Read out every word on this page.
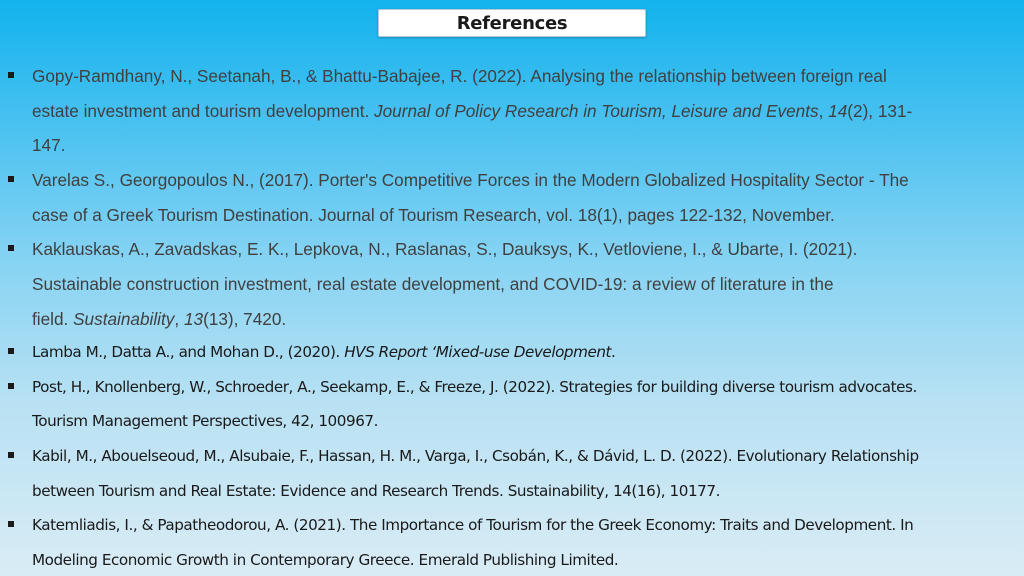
References
Gopy-Ramdhany, N., Seetanah, B., & Bhattu-Babajee, R. (2022). Analysing the relationship between foreign real
estate investment and tourism development. Journal of Policy Research in Tourism, Leisure and Events, 14(2), 131-
147.
Varelas S., Georgopoulos N., (2017). Porter's Competitive Forces in the Modern Globalized Hospitality Sector - The
case of a Greek Tourism Destination. Journal of Tourism Research, vol. 18(1), pages 122-132, November.
Kaklauskas, A., Zavadskas, E. K., Lepkova, N., Raslanas, S., Dauksys, K., Vetloviene, I., & Ubarte, I. (2021).
Sustainable construction investment, real estate development, and COVID-19: a review of literature in the
field. Sustainability, 13(13), 7420.
Lamba M., Datta A., and Mohan D., (2020). HVS Report ‘Mixed-use Development.
Post, H., Knollenberg, W., Schroeder, A., Seekamp, E., & Freeze, J. (2022). Strategies for building diverse tourism advocates.
Tourism Management Perspectives, 42, 100967.
Kabil, M., Abouelseoud, M., Alsubaie, F., Hassan, H. M., Varga, I., Csobán, K., & Dávid, L. D. (2022). Evolutionary Relationship
between Tourism and Real Estate: Evidence and Research Trends. Sustainability, 14(16), 10177.
Katemliadis, I., & Papatheodorou, A. (2021). The Importance of Tourism for the Greek Economy: Traits and Development. In
Modeling Economic Growth in Contemporary Greece. Emerald Publishing Limited.
